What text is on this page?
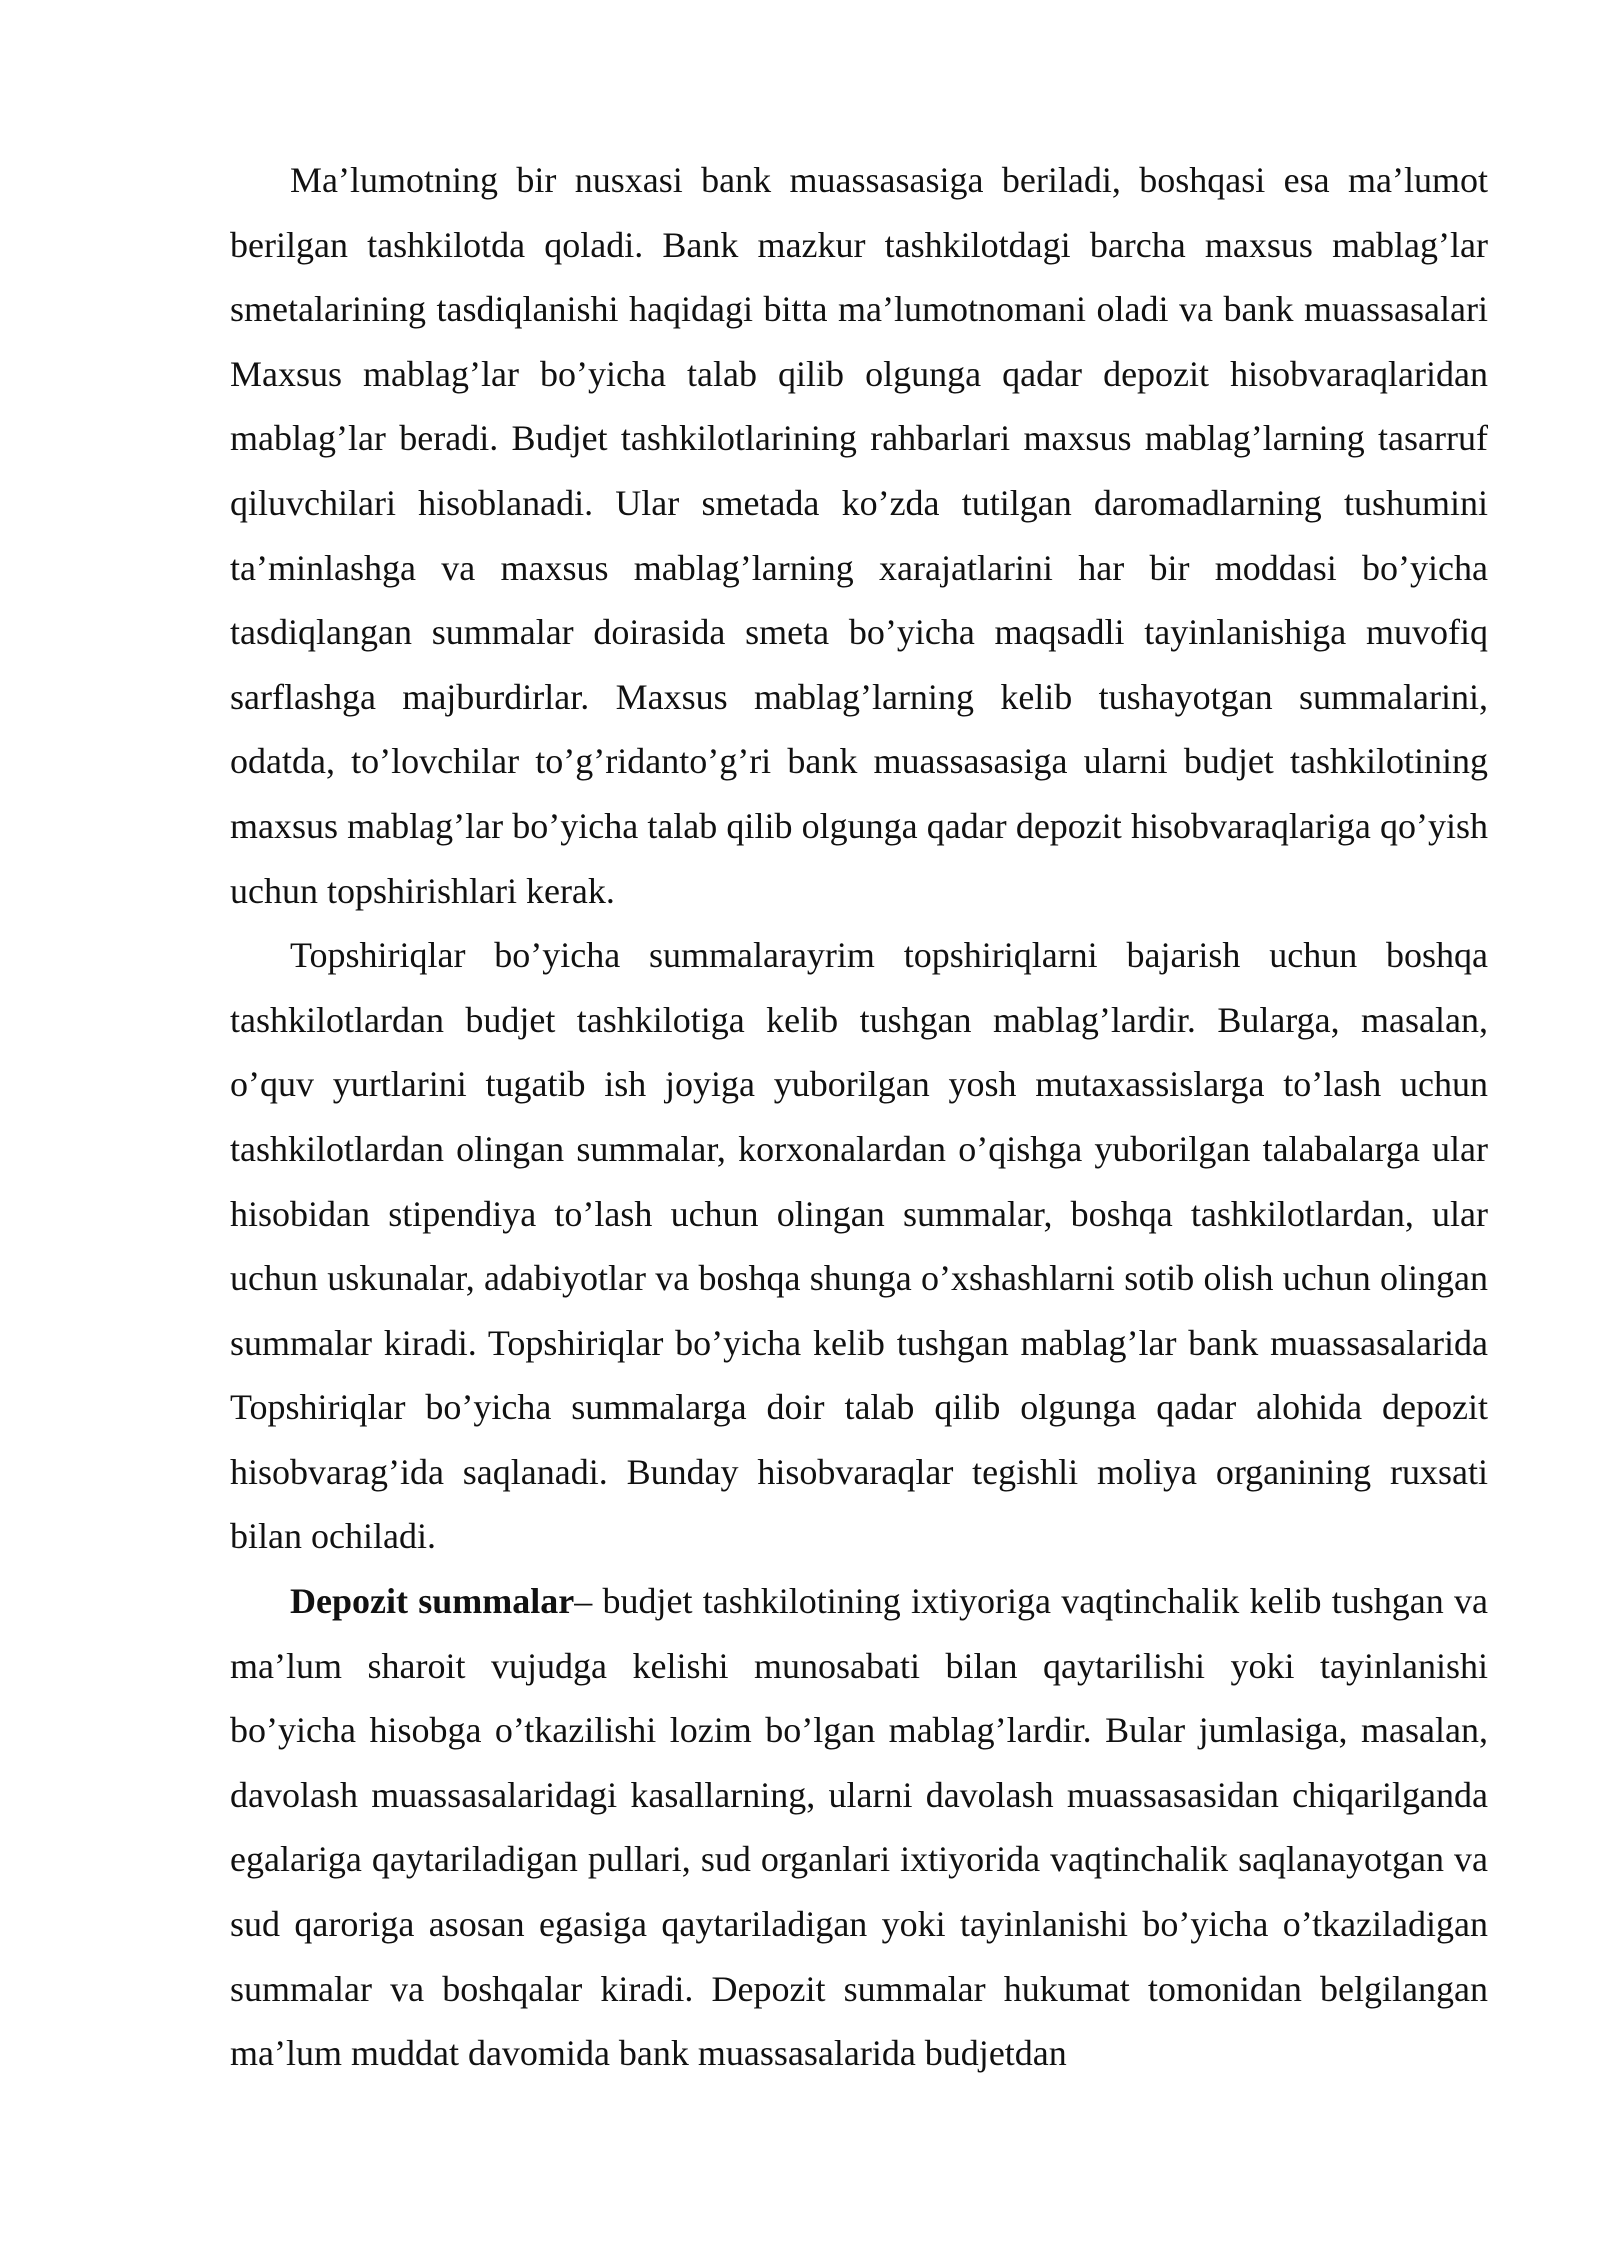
Ma’lumotning bir nusxasi bank muassasasiga beriladi, boshqasi esa ma’lumot berilgan tashkilotda qoladi. Bank mazkur tashkilotdagi barcha maxsus mablag’lar smetalarining tasdiqlanishi haqidagi bitta ma’lumotnomani oladi va bank muassasalari Maxsus mablag’lar bo’yicha talab qilib olgunga qadar depozit hisobvaraqlaridan mablag’lar beradi. Budjet tashkilotlarining rahbarlari maxsus mablag’larning tasarruf qiluvchilari hisoblanadi. Ular smetada ko’zda tutilgan daromadlarning tushumini ta’minlashga va maxsus mablag’larning xarajatlarini har bir moddasi bo’yicha tasdiqlangan summalar doirasida smeta bo’yicha maqsadli tayinlanishiga muvofiq sarflashga majburdirlar. Maxsus mablag’larning kelib tushayotgan summalarini, odatda, to’lovchilar to’g’ridanto’g’ri bank muassasasiga ularni budjet tashkilotining maxsus mablag’lar bo’yicha talab qilib olgunga qadar depozit hisobvaraqlariga qo’yish uchun topshirishlari kerak.

Topshiriqlar bo’yicha summalarayrim topshiriqlarni bajarish uchun boshqa tashkilotlardan budjet tashkilotiga kelib tushgan mablag’lardir. Bularga, masalan, o’quv yurtlarini tugatib ish joyiga yuborilgan yosh mutaxassislarga to’lash uchun tashkilotlardan olingan summalar, korxonalardan o’qishga yuborilgan talabalarga ular hisobidan stipendiya to’lash uchun olingan summalar, boshqa tashkilotlardan, ular uchun uskunalar, adabiyotlar va boshqa shunga o’xshashlarni sotib olish uchun olingan summalar kiradi. Topshiriqlar bo’yicha kelib tushgan mablag’lar bank muassasalarida Topshiriqlar bo’yicha summalarga doir talab qilib olgunga qadar alohida depozit hisobvarag’ida saqlanadi. Bunday hisobvaraqlar tegishli moliya organining ruxsati bilan ochiladi.

Depozit summalar– budjet tashkilotining ixtiyoriga vaqtinchalik kelib tushgan va ma’lum sharoit vujudga kelishi munosabati bilan qaytarilishi yoki tayinlanishi bo’yicha hisobga o’tkazilishi lozim bo’lgan mablag’lardir. Bular jumlasiga, masalan, davolash muassasalaridagi kasallarning, ularni davolash muassasasidan chiqarilganda egalariga qaytariladigan pullari, sud organlari ixtiyorida vaqtinchalik saqlanayotgan va sud qaroriga asosan egasiga qaytariladigan yoki tayinlanishi bo’yicha o’tkaziladigan summalar va boshqalar kiradi. Depozit summalar hukumat tomonidan belgilangan ma’lum muddat davomida bank muassasalarida budjetdan
